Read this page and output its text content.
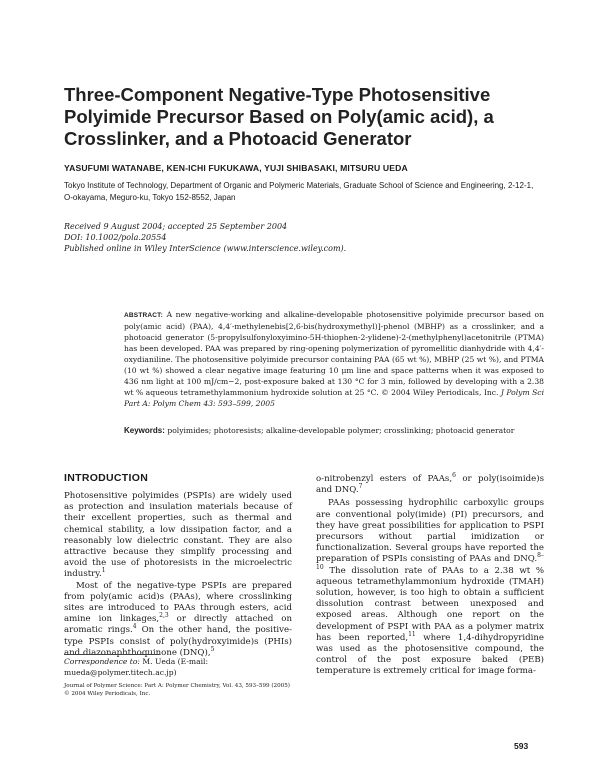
Three-Component Negative-Type Photosensitive Polyimide Precursor Based on Poly(amic acid), a Crosslinker, and a Photoacid Generator
YASUFUMI WATANABE, KEN-ICHI FUKUKAWA, YUJI SHIBASAKI, MITSURU UEDA
Tokyo Institute of Technology, Department of Organic and Polymeric Materials, Graduate School of Science and Engineering, 2-12-1, O-okayama, Meguro-ku, Tokyo 152-8552, Japan
Received 9 August 2004; accepted 25 September 2004
DOI: 10.1002/pola.20554
Published online in Wiley InterScience (www.interscience.wiley.com).
ABSTRACT: A new negative-working and alkaline-developable photosensitive polyimide precursor based on poly(amic acid) (PAA), 4,4′-methylenebis[2,6-bis(hydroxymethyl)]-phenol (MBHP) as a crosslinker, and a photoacid generator (5-propylsulfonyloxyimino-5H-thiophen-2-ylidene)-2-(methylphenyl)acetonitrile (PTMA) has been developed. PAA was prepared by ring-opening polymerization of pyromellitic dianhydride with 4,4′-oxydianiline. The photosensitive polyimide precursor containing PAA (65 wt %), MBHP (25 wt %), and PTMA (10 wt %) showed a clear negative image featuring 10 μm line and space patterns when it was exposed to 436 nm light at 100 mJ/cm−2, post-exposure baked at 130 °C for 3 min, followed by developing with a 2.38 wt % aqueous tetramethylammonium hydroxide solution at 25 °C. © 2004 Wiley Periodicals, Inc. J Polym Sci Part A: Polym Chem 43: 593–599, 2005
Keywords: polyimides; photoresists; alkaline-developable polymer; crosslinking; photoacid generator
INTRODUCTION

Photosensitive polyimides (PSPIs) are widely used as protection and insulation materials because of their excellent properties, such as thermal and chemical stability, a low dissipation factor, and a reasonably low dielectric constant. They are also attractive because they simplify processing and avoid the use of photoresists in the microelectric industry.$^1$

Most of the negative-type PSPIs are prepared from poly(amic acid)s (PAAs), where crosslinking sites are introduced to PAAs through esters, acid amine ion linkages,$^{2,3}$ or directly attached on aromatic rings.$^4$ On the other hand, the positive-type PSPIs consist of poly(hydroxyimide)s (PHIs) and diazonaphthoquinone (DNQ),$^5$

o-nitrobenzyl esters of PAAs,$^6$ or poly(isoimide)s and DNQ.$^7$

PAAs possessing hydrophilic carboxylic groups are conventional poly(imide) (PI) precursors, and they have great possibilities for application to PSPI precursors without partial imidization or functionalization. Several groups have reported the preparation of PSPIs consisting of PAAs and DNQ.$^{8-10}$ The dissolution rate of PAAs to a 2.38 wt % aqueous tetramethylammonium hydroxide (TMAH) solution, however, is too high to obtain a sufficient dissolution contrast between unexposed and exposed areas. Although one report on the development of PSPI with PAA as a polymer matrix has been reported,$^{11}$ where 1,4-dihydropyridine was used as the photosensitive compound, the control of the post exposure baked (PEB) temperature is extremely critical for image forma-

Correspondence to: M. Ueda (E-mail: mueda@polymer.titech.ac.jp)
Journal of Polymer Science: Part A: Polymer Chemistry, Vol. 43, 593–599 (2005)
© 2004 Wiley Periodicals, Inc.
593
